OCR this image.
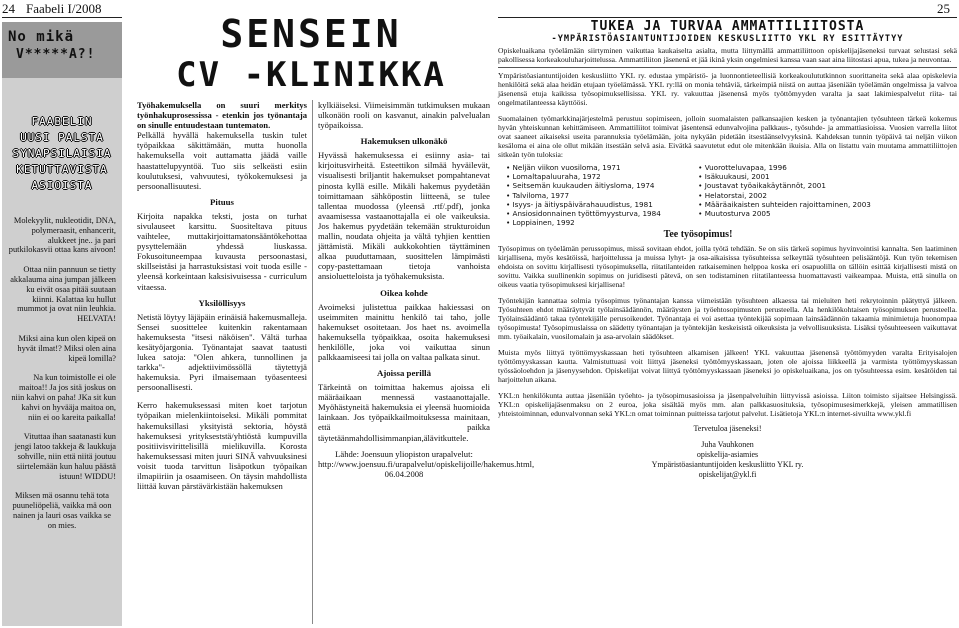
24 Faabeli I/2008	25
No mikä
V*****A?!
FAABELIN
UUSI PALSTA
SYNAPSILAISIA
KETUTTAVISTA
ASIOISTA

Molekyylit, nukleotidit, DNA, polymeraasit, enhancerit, alukkeet jne.. ja pari putkilokasvii ottaa kans aivoon!

Ottaa niin pannuun se tietty akkalauma aina jumpan jälkeen ku eivät osaa pitää suutaan kiinni. Kalattaa ku hullut mummot ja ovat niin leuhkia. HELVATA!

Miksi aina kun olen kipeä on hyvät ilmat!? Miksi olen aina kipeä lomilla?

Na kun toimistolle ei ole maitoa!! Ja jos sitä joskus on niin kahvi on paha! JKa sit kun kahvi on hyvääja maitoa on, niin ei oo kareita paikalla!

Vituttaa ihan saatanasti kun jengi latoo takkeja & laukkuja sohville, niin että niitä joutuu siirtelemään kun haluu päästä istuun! WIDDU!

Miksen mä osannu tehä tota puuneliöpeliä, vaikka mä oon nainen ja lauri osas vaikka se on mies.

SENSEIN
CV -KLINIKKA

Työhakemuksella on suuri merkitys työnhakuprosessissa - etenkin jos työnantaja on sinulle entuudestaan tuntematon.

Pelkällä hyvällä hakemuksella tuskin tulet työpaikkaa säkittämään, mutta huonolla hakemuksella voit auttamatta jäädä vaille haastattelupyyntöä. Tuo siis selkeästi esiin koulutuksesi, vahvuutesi, työkokemuksesi ja persoonallisuutesi.

Pituus

Kirjoita napakka teksti, josta on turhat sivulauseet karsittu. Suositeltava pituus vaihtelee, muttakirjoittamatonsääntökehottaa pysyttelemään yhdessä liuskassa. Fokusoituneempaa kuvausta persoonastasi, skillseistäsi ja harrastuksistasi voit tuoda esille - yleensä korkeintaan kaksisivuisessa - curriculum vitaessa.

Yksilöllisyys

Netistä löytyy läjäpäin erinäisiä hakemusmalleja. Sensei suosittelee kuitenkin rakentamaan hakemuksesta "itsesi näköisen". Vältä turhaa kesätyöjargonia. Työnantajat saavat taatusti lukea satoja: "Olen ahkera, tunnollinen ja tarkka"- adjektiivimössöllä täytettyjä hakemuksia. Pyri ilmaisemaan työasenteesi persoonallisesti.

Kerro hakemuksessasi miten koet tarjotun työpaikan mielenkiintoiseksi. Mikäli pommitat hakemuksillasi yksityistä sektoria, höystä hakemuksesi yritykseststä/yhtiöstä kumpuvilla positiivisvirittelisillä mielikuvilla. Korosta hakemuksessasi miten juuri SINÄ vahvuuksinesi voisit tuoda tarvittun lisäpotkun työpaikan ilmapiiriin ja osaamiseen. On täysin mahdollista liittää kuvan pärstävärkistään hakemuksen

kylkiäiseksi. Viimeisimmän tutkimuksen mukaan ulkonäön rooli on kasvanut, ainakin palvelualan työpaikoissa.

Hakemuksen ulkonäkö

Hyvässä hakemuksessa ei esiinny asia- tai kirjoitusvirheitä. Esteettikon silmää hyväilevät, visualisesti briljantit hakemukset pompahtanevat pinosta kyllä esille. Mikäli hakemus pyydetään toimittamaan sähköpostin liitteenä, se tulee tallentaa muodossa (yleensä .rtf/.pdf), jonka avaamisessa vastaanottajalla ei ole vaikeuksia. Jos hakemus pyydetään tekemään strukturoidun mallin, noudata ohjeita ja vältä tyhjien kenttien jättämistä. Mikäli aukkokohtien täyttäminen alkaa puuduttamaan, suosittelen lämpimästi copy-pastettamaan tietoja vanhoista ansioluetteloista ja työhakemuksista.

Oikea kohde

Avoimeksi julistettua paikkaa hakiessasi on useimmiten mainittu henkilö tai taho, jolle hakemukset osoitetaan. Jos haet ns. avoimella hakemuksella työpaikkaa, osoita hakemuksesi henkilölle, joka voi vaikuttaa sinun palkkaamiseesi tai jolla on valtaa palkata sinut.

Ajoissa perillä

Tärkeintä on toimittaa hakemus ajoissa eli määräaikaan mennessä vastaanottajalle. Myöhästyneitä hakemuksia ei yleensä huomioida lainkaan. Jos työpaikkailmoituksessa mainitaan, että paikka täytetäänmahdollisimmanpian,älävitkuttele.

Lähde: Joensuun yliopiston urapalvelut: http://www.joensuu.fi/urapalvelut/opiskelijoille/hakemus.html, 06.04.2008

TUKEA JA TURVAA AMMATTILIITOSTA
-YMPÄRISTÖASIANTUNTIJOIDEN KESKUSLIITTO YKL RY ESITTÄYTYY

Opiskeluaikana työelämään siirtyminen vaikuttaa kaukaiselta asialta, mutta liittymällä ammattiliittoon opiskelijajäseneksi turvaat selustasi sekä pakollisessa korkeakouluharjoittelussa. Ammattiliiton jäsenenä et jää ikinä yksin ongelmiesi kanssa vaan saat aina liitostasi apua, tukea ja neuvontaa.

Ympäristöasiantuntijoiden keskusliitto YKL ry. edustaa ympäristö- ja luonnontieteellisiä korkeakoulututkinnon suorittaneita sekä alaa opiskelevia henkilöitä sekä alaa heidän etujaan työelämässä. YKL ry:llä on monia tehtäviä, tärkeimpiä niistä on auttaa jäseniään työelämän ongelmissa ja valvoa jäsenensä etuja kaikissa työsopimuksellisissa. YKL ry. vakuuttaa jäsenensä myös työttömyyden varalta ja saat lakimiespalvelut riita- tai ongelmatilanteessa käyttöösi.

Suomalainen työmarkkinajärjestelmä perustuu sopimiseen, jolloin suomalaisten palkansaajien kesken ja työnantajien työsuhteen tärkeä kokemus hyvän yhteiskunnan kehittämiseen. Ammattiliitot toimivat jäsentensä edunvalvojina palkkaus-, työsuhde- ja ammattiasioissa. Vuosien varrella liitot ovat saaneet aikaiseksi useita parannuksia työelämään, joita nykyään pidetään itsestäänselvyyksinä. Kahdeksan tunnin työpäivä tai neljän viikon kesäloma ei aina ole ollut mikään itsestään selvä asia. Eivätkä saavutetut edut ole mitenkään ikuisia. Alla on listattu vain muutama ammattiliittojen sitkeän työn tuloksia:

• Neljän viikon vuosiloma, 1971
• Lomaltapaluuraha, 1972
• Seitsemän kuukauden äitiysloma, 1974
• Talviloma, 1977
• Isyys- ja äitiyspäivärahauudistus, 1981
• Ansiosidonnainen työttömyysturva, 1984
• Loppiainen, 1992
• Vuorotteluvapaa, 1996
• Isäkuukausi, 2001
• Joustavat työaikakäytännöt, 2001
• Helatorstai, 2002
• Määräaikaisten suhteiden rajoittaminen, 2003
• Muutosturva 2005
Tee työsopimus!

Työsopimus on työelämän perussopimus, missä sovitaan ehdot, joilla työtä tehdään. Se on siis tärkeä sopimus hyvinvointisi kannalta. Sen laatiminen kirjallisena, myös kesätöissä, harjoittelussa ja muissa lyhyt- ja osa-aikaisissa työsuhteissa selkeyttää työsuhteen pelisääntöjä. Kun työn tekemisen ehdoista on sovittu kirjallisesti työsopimuksella, riitatilanteiden ratkaiseminen helppoa koska eri osapuolilla on tällöin esittää kirjallisesti mistä on sovittu. Vaikka suullinenkin sopimus on juridisesti pätevä, on sen todistaminen riitatilanteessa huomattavasti vaikeampaa. Muista, että sinulla on oikeus vaatia työsopimuksesi kirjallisena!

Työntekijän kannattaa solmia työsopimus työnantajan kanssa viimeistään työsuhteen alkaessa tai mieluiten heti rekrytoinnin päätyttyä jälkeen. Työsuhteen ehdot määräytyvät työlainsäädännön, määräysten ja työehtosopimusten perusteella. Ala henkilökohtaisen työsopimuksen perusteella. Työlainsäädäntö takaa työntekijälle perusoikeudet. Työnantaja ei voi asettaa työntekijää sopimaan lainsäädännön takaamia minimietuja huonompaa työsopimusta! Työsopimuslaissa on säädetty työnantajan ja työntekijän keskeisistä oikeuksista ja velvollisuuksista. Lisäksi työsuhteeseen vaikuttavat mm. työaikalain, vuosilomalain ja asa-arvolain säädökset.

Muista myös liittyä työttömyyskassaan heti työsuhteen alkamisen jälkeen! YKL vakuuttaa jäsenensä työttömyyden varalta Erityisalojen työttömyyskassan kautta. Valmistuttuasi voit liittyä jäseneksi työttömyyskassaan, joten ole ajoissa liikkeellä ja varmista työttömyyskassan työssäoloehdon ja jäsenyysehdon. Opiskelijat voivat liittyä työttömyyskassaan jäseneksi jo opiskeluaikana, jos on työsuhteessa esim. kesätöiden tai harjoittelun aikana.

YKL:n henkilökunta auttaa jäseniään työehto- ja työsopimusasioissa ja jäsenpalveluihin liittyvissä asioissa. Liiton toimisto sijaitsee Helsingissä. YKL:n opiskelijajäsenmaksu on 2 euroa, joka sisältää myös mm. alan palkkasuosituksia, työsopimusesimerkkejä, yleisen ammatillisen yhteistoiminnan, edunvalvonnan sekä YKL:n omat toiminnan puitteissa tarjotut palvelut. Lisätietoja YKL:n internet-sivuilta www.ykl.fi

Tervetuloa jäseneksi!
Juha Vauhkonen
opiskelija-asiamies
Ympäristöasiantuntijoiden keskusliitto YKL ry.
opiskelijat@ykl.fi
